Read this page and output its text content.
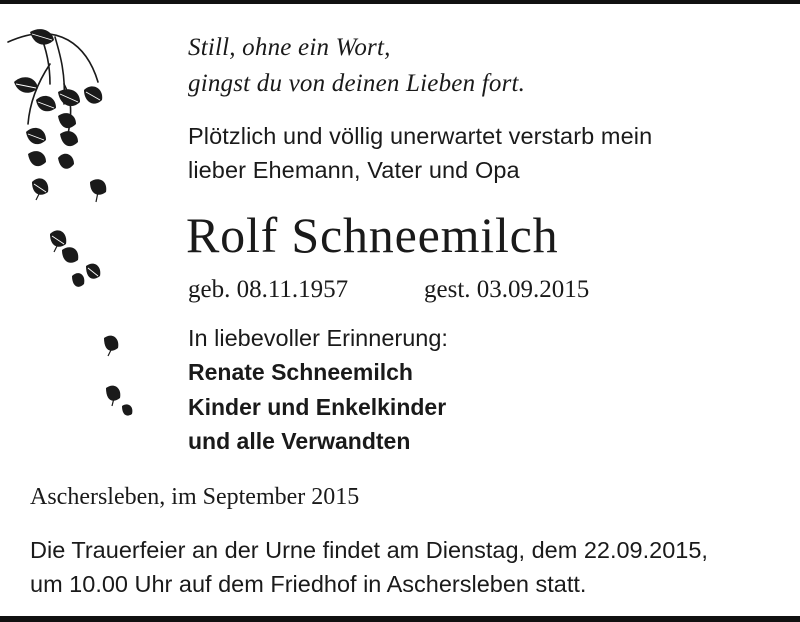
Still, ohne ein Wort,
gingst du von deinen Lieben fort.
Plötzlich und völlig unerwartet verstarb mein
lieber Ehemann, Vater und Opa
Rolf Schneemilch
geb. 08.11.1957	gest. 03.09.2015
In liebevoller Erinnerung:
Renate Schneemilch
Kinder und Enkelkinder
und alle Verwandten
Aschersleben, im September 2015
Die Trauerfeier an der Urne findet am Dienstag, dem 22.09.2015,
um 10.00 Uhr auf dem Friedhof in Aschersleben statt.
